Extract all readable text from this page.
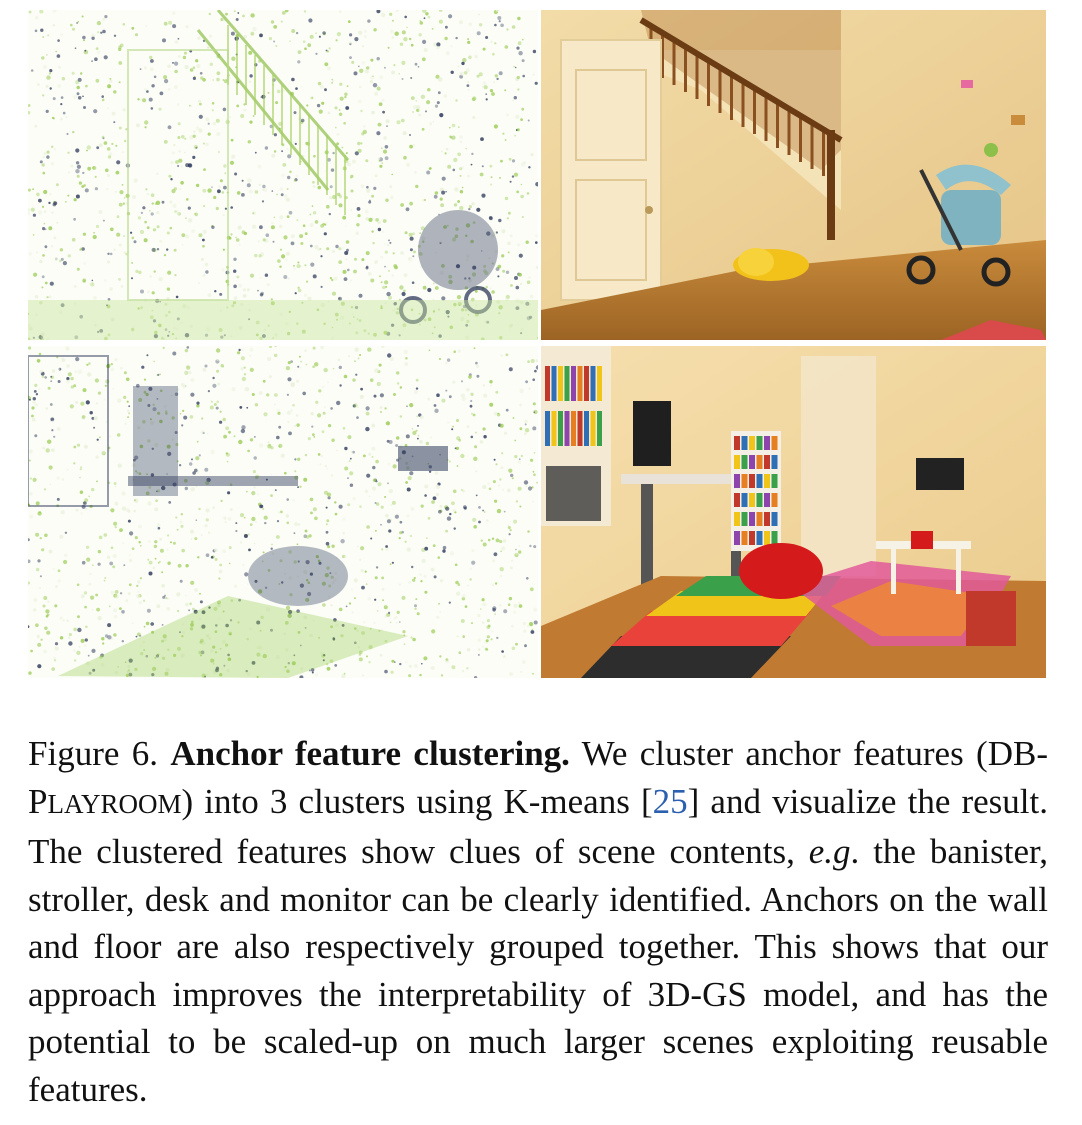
Figure 6. Anchor feature clustering. We cluster anchor features (DB-PLAYROOM) into 3 clusters using K-means [25] and visualize the result. The clustered features show clues of scene contents, e.g. the banister, stroller, desk and monitor can be clearly identified. Anchors on the wall and floor are also respectively grouped together. This shows that our approach improves the interpretability of 3D-GS model, and has the potential to be scaled-up on much larger scenes exploiting reusable features.
